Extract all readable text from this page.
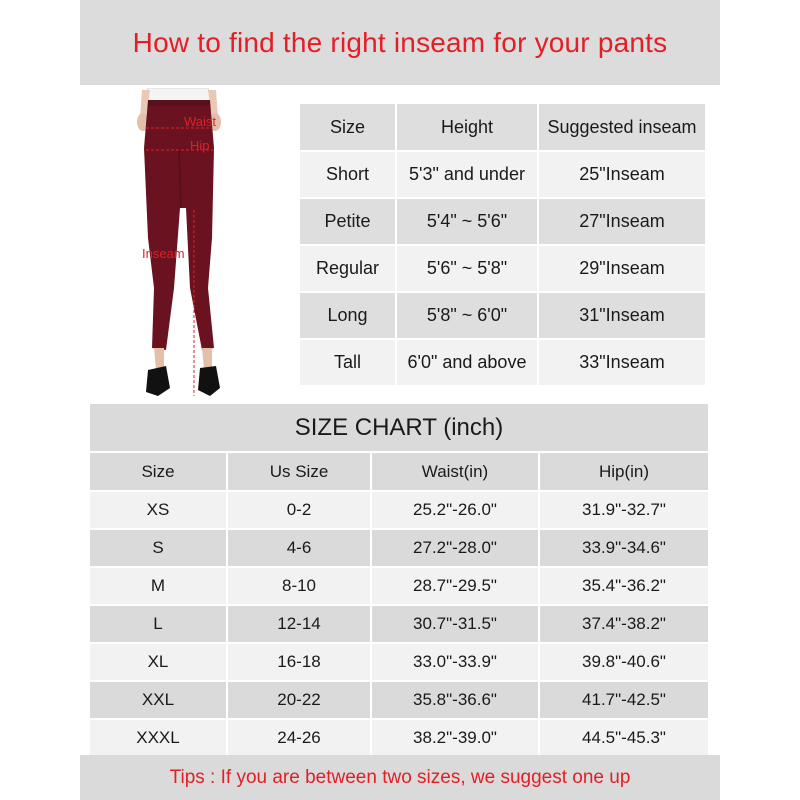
How to find the right inseam for your pants
Waist
Hip
Inseam
Size	Height	Suggested inseam
Short	5'3" and under	25"Inseam
Petite	5'4" ~ 5'6"	27"Inseam
Regular	5'6" ~ 5'8"	29"Inseam
Long	5'8" ~ 6'0"	31"Inseam
Tall	6'0" and above	33"Inseam
SIZE CHART (inch)
Size	Us Size	Waist(in)	Hip(in)
XS	0-2	25.2"-26.0"	31.9"-32.7"
S	4-6	27.2"-28.0"	33.9"-34.6"
M	8-10	28.7"-29.5"	35.4"-36.2"
L	12-14	30.7"-31.5"	37.4"-38.2"
XL	16-18	33.0"-33.9"	39.8"-40.6"
XXL	20-22	35.8"-36.6"	41.7"-42.5"
XXXL	24-26	38.2"-39.0"	44.5"-45.3"
Tips : If you are between two sizes, we suggest one up
